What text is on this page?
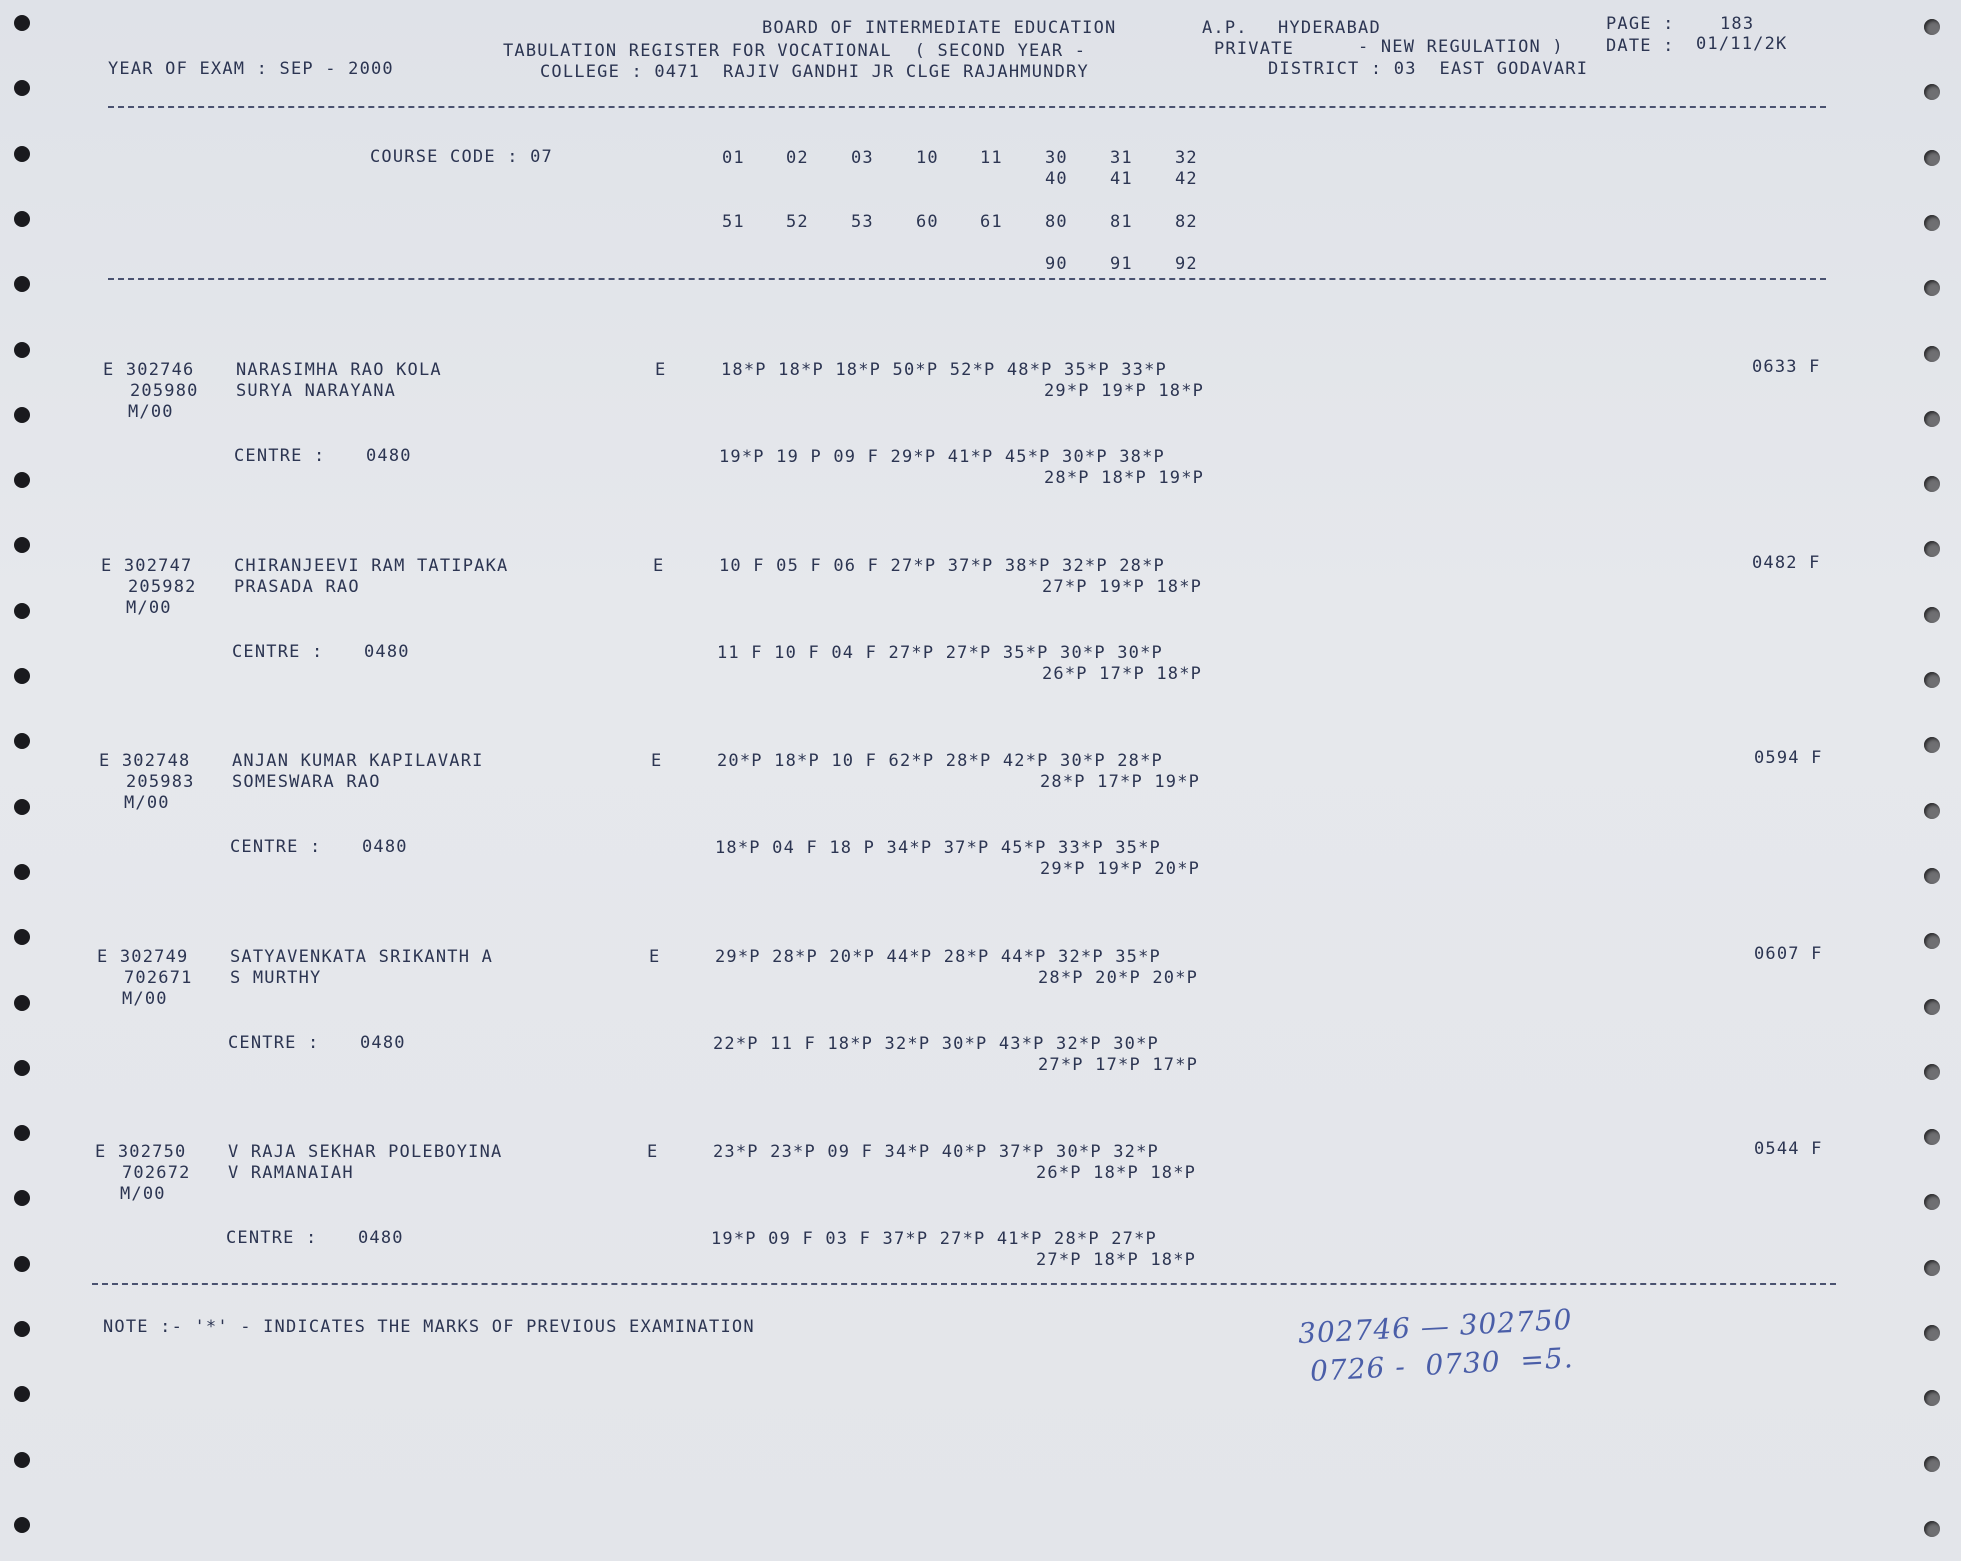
BOARD OF INTERMEDIATE EDUCATION	A.P. HYDERABAD	PAGE :	183
TABULATION REGISTER FOR VOCATIONAL  ( SECOND YEAR -	PRIVATE	- NEW REGULATION ) DATE : 01/11/2K
YEAR OF EXAM : SEP - 2000	COLLEGE : 0471  RAJIV GANDHI JR CLGE RAJAHMUNDRY	DISTRICT : 03  EAST GODAVARI
COURSE CODE : 07	01 02 03 10 11 30 31 32
40 41 42
51 52 53 60 61 80 81 82
90 91 92
E 302746 NARASIMHA RAO KOLA	E	18*P 18*P 18*P 50*P 52*P 48*P 35*P 33*P	0633 F
205980 SURYA NARAYANA	29*P 19*P 18*P
M/00
CENTRE : 0480	19*P 19 P 09 F 29*P 41*P 45*P 30*P 38*P
28*P 18*P 19*P
E 302747 CHIRANJEEVI RAM TATIPAKA	E	10 F 05 F 06 F 27*P 37*P 38*P 32*P 28*P	0482 F
205982 PRASADA RAO	27*P 19*P 18*P
M/00
CENTRE : 0480	11 F 10 F 04 F 27*P 27*P 35*P 30*P 30*P
26*P 17*P 18*P
E 302748 ANJAN KUMAR KAPILAVARI	E	20*P 18*P 10 F 62*P 28*P 42*P 30*P 28*P	0594 F
205983 SOMESWARA RAO	28*P 17*P 19*P
M/00
CENTRE : 0480	18*P 04 F 18 P 34*P 37*P 45*P 33*P 35*P
29*P 19*P 20*P
E 302749 SATYAVENKATA SRIKANTH A	E	29*P 28*P 20*P 44*P 28*P 44*P 32*P 35*P	0607 F
702671 S MURTHY	28*P 20*P 20*P
M/00
CENTRE : 0480	22*P 11 F 18*P 32*P 30*P 43*P 32*P 30*P
27*P 17*P 17*P
E 302750 V RAJA SEKHAR POLEBOYINA	E	23*P 23*P 09 F 34*P 40*P 37*P 30*P 32*P	0544 F
702672 V RAMANAIAH	26*P 18*P 18*P
M/00
CENTRE : 0480	19*P 09 F 03 F 37*P 27*P 41*P 28*P 27*P
27*P 18*P 18*P
NOTE :- '*' - INDICATES THE MARKS OF PREVIOUS EXAMINATION	302746 — 302750
0726 -  0730  =5.
